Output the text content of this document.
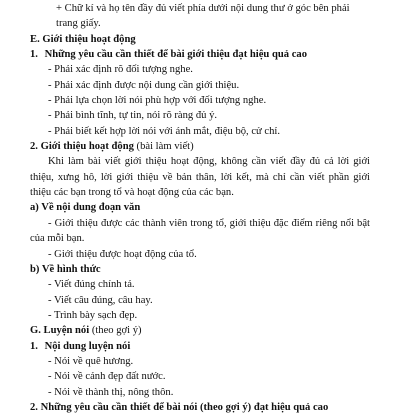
+ Chữ kí và họ tên đầy đủ viết phía dưới nội dung thư ở góc bên phải trang giấy.
E. Giới thiệu hoạt động
1. Những yêu cầu cần thiết để bài giới thiệu đạt hiệu quả cao
- Phải xác định rõ đối tượng nghe.
- Phải xác định được nội dung cần giới thiệu.
- Phải lựa chọn lời nói phù hợp với đối tượng nghe.
- Phải bình tĩnh, tự tin, nói rõ ràng đủ ý.
- Phải biết kết hợp lời nói với ánh mắt, điệu bộ, cử chỉ.
2. Giới thiệu hoạt động (bài làm viết)
Khi làm bài viết giới thiệu hoạt động, không cần viết đầy đủ cả lời giới thiệu, xưng hô, lời giới thiệu về bản thân, lời kết, mà chỉ cần viết phần giới thiệu các bạn trong tổ và hoạt động của các bạn.
a) Về nội dung đoạn văn
- Giới thiệu được các thành viên trong tổ, giới thiệu đặc điểm riêng nổi bật của mỗi bạn.
- Giới thiệu được hoạt động của tổ.
b) Về hình thức
- Viết đúng chính tả.
- Viết câu đúng, câu hay.
- Trình bày sạch đẹp.
G. Luyện nói (theo gợi ý)
1. Nội dung luyện nói
- Nói về quê hương.
- Nói về cảnh đẹp đất nước.
- Nói về thành thị, nông thôn.
2. Những yêu cầu cần thiết để bài nói (theo gợi ý) đạt hiệu quả cao
